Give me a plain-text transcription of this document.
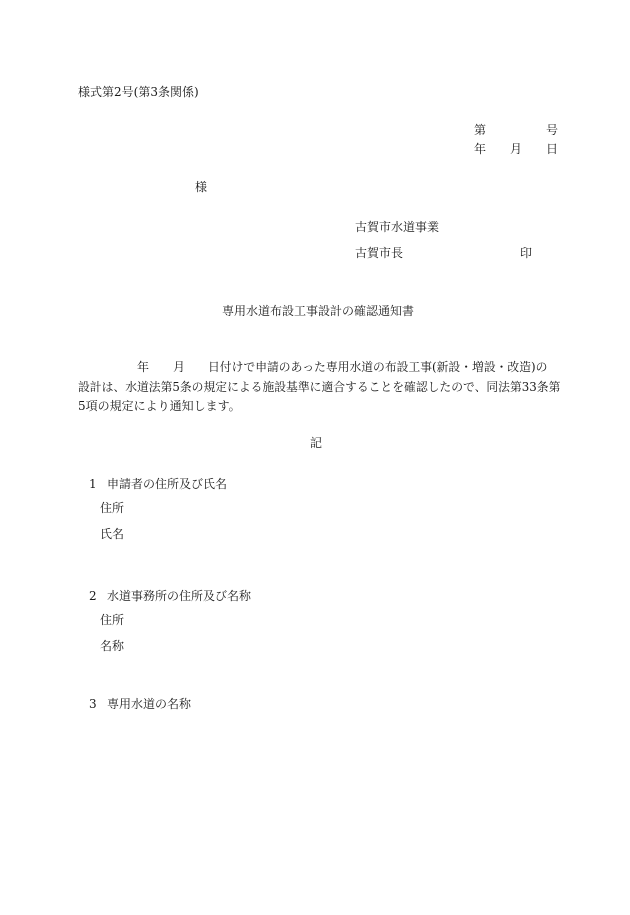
様式第2号(第3条関係)
第	号
年 月 日
様
古賀市水道事業
古賀市長	印
専用水道布設工事設計の確認通知書
年 月 日付けで申請のあった専用水道の布設工事(新設・増設・改造)の
設計は、水道法第5条の規定による施設基準に適合することを確認したので、同法第33条第
5項の規定により通知します。
記
1 申請者の住所及び氏名
住所
氏名
2 水道事務所の住所及び名称
住所
名称
3 専用水道の名称
